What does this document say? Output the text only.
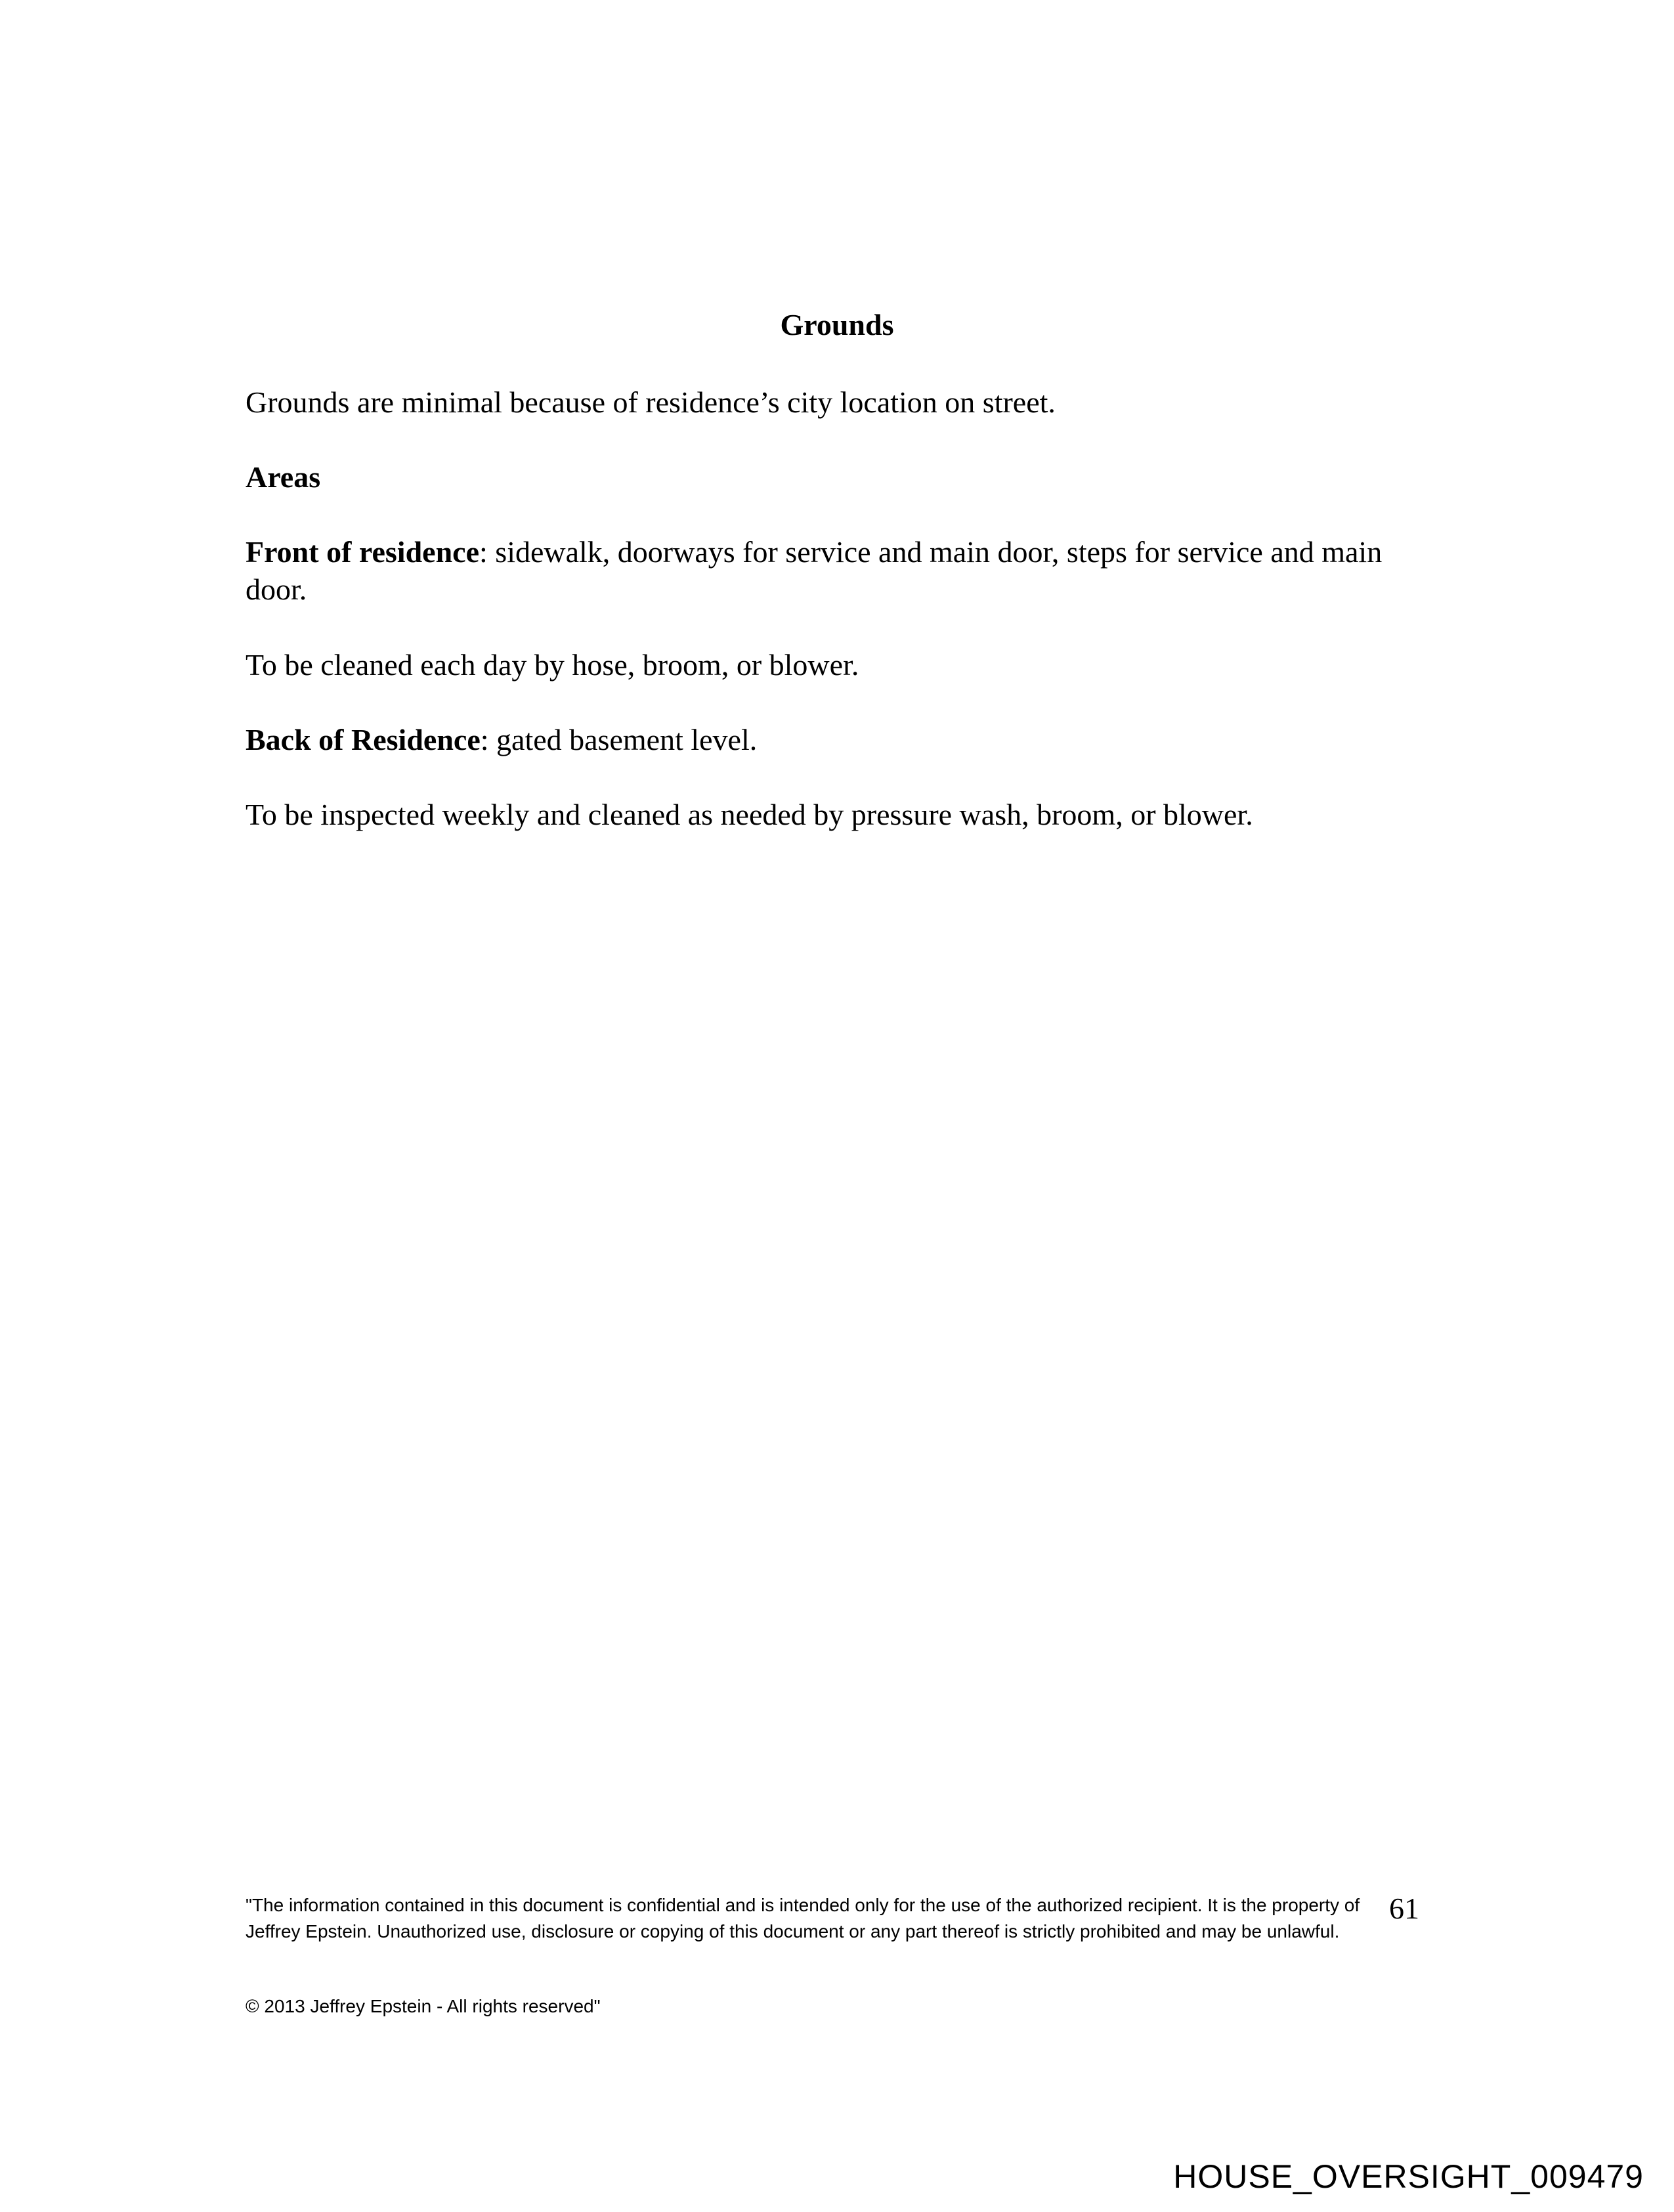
Grounds

Grounds are minimal because of residence’s city location on street.

Areas

Front of residence: sidewalk, doorways for service and main door, steps for service and main door.

To be cleaned each day by hose, broom, or blower.

Back of Residence: gated basement level.

To be inspected weekly and cleaned as needed by pressure wash, broom, or blower.

"The information contained in this document is confidential and is intended only for the use of the authorized recipient. It is the property of Jeffrey Epstein. Unauthorized use, disclosure or copying of this document or any part thereof is strictly prohibited and may be unlawful.

61

© 2013 Jeffrey Epstein - All rights reserved"

HOUSE_OVERSIGHT_009479
